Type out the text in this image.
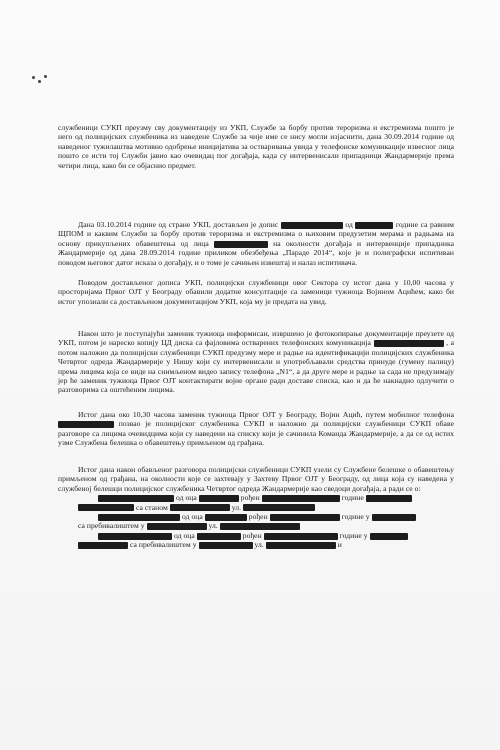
службеници СУКП преузму сву документацију из УКП, Службе за борбу против тероризма и екстремизма пошто је него од полицијских службеника из наведене Службе за чије име се нису могли изјаснити, дана 30.09.2014 године од наведеног тужилаштва мотивно одобрење иницијатива за остваривања увида у телефонске комуникације извесног лица пошто се исти тој Служби јавио као очевидац пог догађаја, када су интервенисали припадници Жандармерије према четири лица, како би се објаснио предмет.
Дана 03.10.2014 године од стране УКП, достављен је допис	од	године са равним ЩПОМ и каквим Служби за борбу против тероризма и екстремизма о њиховим предузетим мерама и радњама на основу прикупљених обавештења од лица	на околности догађаја и интервенције припадника Жандармерије од дана 28.09.2014 године приликом обезбеђења „Параде 2014“, које је и полиграфски испитиван поводом његовог датог исказа о догађају, и о томе је сачињен извештај и налаз испитивача.
Поводом достављеног дописа УКП, полицијски службеници овог Сектора су истог дана у 10,00 часова у просторијама Првог ОЈТ у Београду обавили додатне консултације са заменици тужиоца Војином Ацићем, како би истог упознали са достављеном документацијом УКП, која му је предата на увид.
Након што је поступајући заменик тужиоца информисан, извршено је фотокопирање документације преузете од УКП, потом је нареско копију ЦД диска са фајловима остварених телефонских комуникација	, а потом наложио да полицијски службеници СУКП предузму мере и радње на идентификацији полицијских службеника Четвртог одреда Жандармерије у Нишу који су интервенисали и употребљавали средства принуде (гумену палицу) према лицима која се виде на снимљеном видео запису телефона „N1“, а да друге мере и радње за сада не предузимају јер ће заменик тужиоца Првог ОЈТ контактирати војне органе ради доставе списка, као и да ће накнадно одлучити о разговорима са оштећеним лицима.
Истог дана око 10,30 часова заменик тужиоца Првог ОЈТ у Београду, Војин Ацић, путем мобилног телефона  позвао је полицијског службеника СУКП и наложио да полицијски службеници СУКП обаве разговоре са лицима очевидцима који су наведени на списку који је сачинила Команда Жандармерије, а да се од истих узме Службена белешка о обавештењу примљеном од грађана.
Истог дана након обављеног разговора полицијски службеници СУКП узели су Службене белешке о обавештењу примљеном од грађана, на околности које се захтевају у Захтеву Првог ОЈТ у Београду, од лица која су наведена у службеној белешци полицијског службеника Четвртог одреда Жандармерије као сведоци догађаја, а ради се о:
од оца	рођен	године
са станом	ул.
од оца	рођен	године у
са пребивалиштем у	ул.
од оца	рођен	године у
са пребивалиштем у	ул.	и
